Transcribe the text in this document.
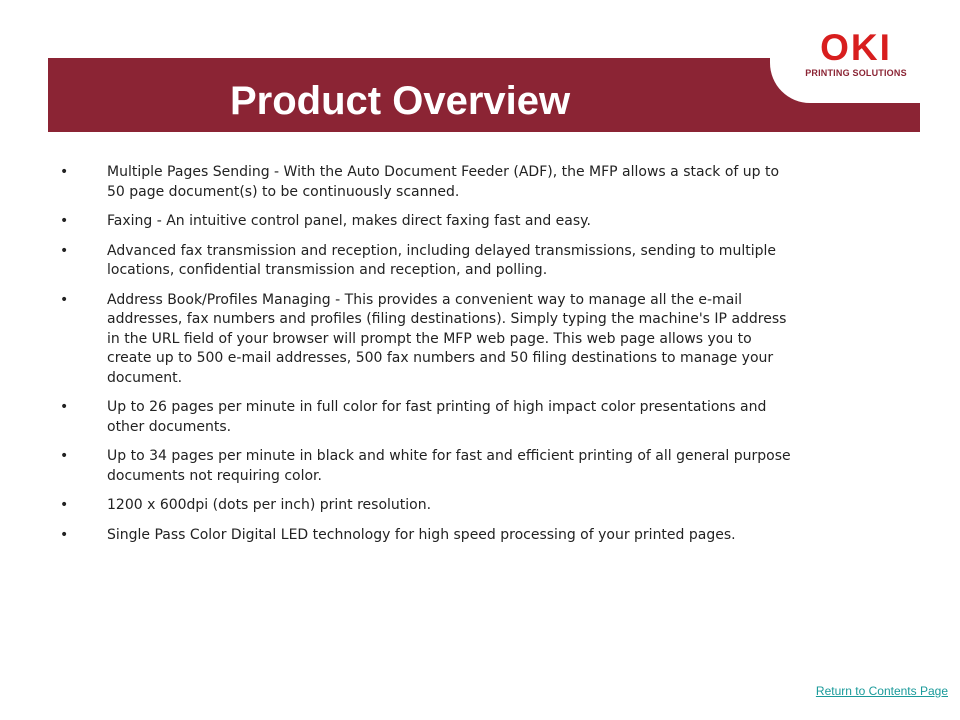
OKI
PRINTING SOLUTIONS
Product Overview
•	Multiple Pages Sending - With the Auto Document Feeder (ADF), the MFP allows a stack of up to 50 page document(s) to be continuously scanned.
•	Faxing - An intuitive control panel, makes direct faxing fast and easy.
•	Advanced fax transmission and reception, including delayed transmissions, sending to multiple locations, confidential transmission and reception, and polling.
•	Address Book/Profiles Managing - This provides a convenient way to manage all the e-mail addresses, fax numbers and profiles (filing destinations). Simply typing the machine's IP address in the URL field of your browser will prompt the MFP web page. This web page allows you to create up to 500 e-mail addresses, 500 fax numbers and 50 filing destinations to manage your document.
•	Up to 26 pages per minute in full color for fast printing of high impact color presentations and other documents.
•	Up to 34 pages per minute in black and white for fast and efficient printing of all general purpose documents not requiring color.
•	1200 x 600dpi (dots per inch) print resolution.
•	Single Pass Color Digital LED technology for high speed processing of your printed pages.
Return to Contents Page
